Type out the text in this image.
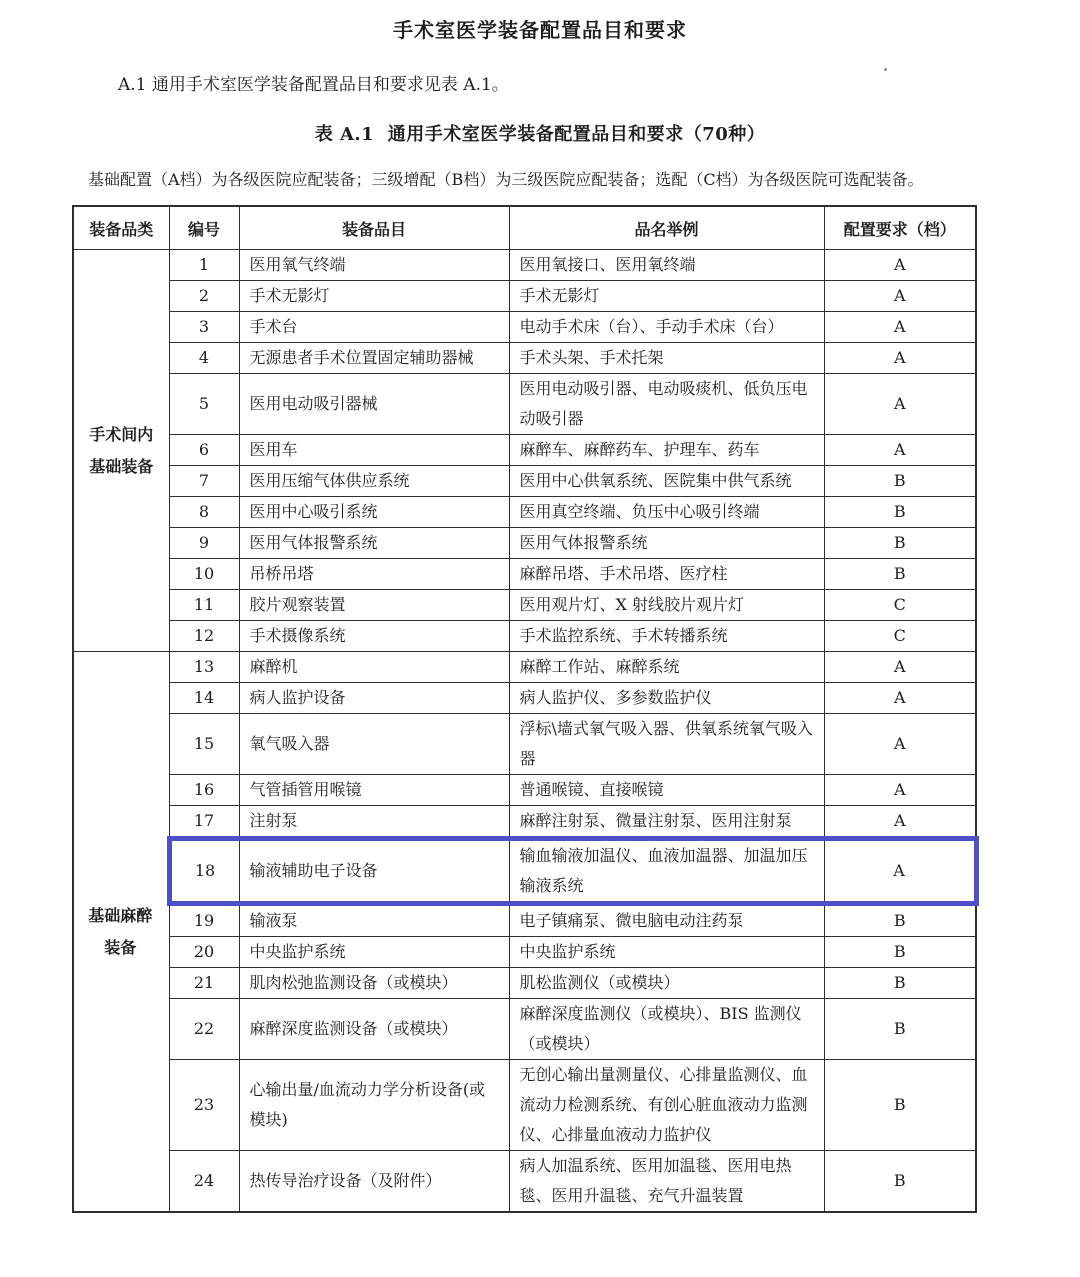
手术室医学装备配置品目和要求
A.1 通用手术室医学装备配置品目和要求见表 A.1。
表 A.1  通用手术室医学装备配置品目和要求（70种）
基础配置（A档）为各级医院应配装备；三级增配（B档）为三级医院应配装备；选配（C档）为各级医院可选配装备。
装备品类	编号	装备品目	品名举例	配置要求（档）
手术间内基础装备	1	医用氧气终端	医用氧接口、医用氧终端	A
	2	手术无影灯	手术无影灯	A
	3	手术台	电动手术床（台）、手动手术床（台）	A
	4	无源患者手术位置固定辅助器械	手术头架、手术托架	A
	5	医用电动吸引器械	医用电动吸引器、电动吸痰机、低负压电动吸引器	A
	6	医用车	麻醉车、麻醉药车、护理车、药车	A
	7	医用压缩气体供应系统	医用中心供氧系统、医院集中供气系统	B
	8	医用中心吸引系统	医用真空终端、负压中心吸引终端	B
	9	医用气体报警系统	医用气体报警系统	B
	10	吊桥吊塔	麻醉吊塔、手术吊塔、医疗柱	B
	11	胶片观察装置	医用观片灯、X 射线胶片观片灯	C
	12	手术摄像系统	手术监控系统、手术转播系统	C
基础麻醉装备	13	麻醉机	麻醉工作站、麻醉系统	A
	14	病人监护设备	病人监护仪、多参数监护仪	A
	15	氧气吸入器	浮标\墙式氧气吸入器、供氧系统氧气吸入器	A
	16	气管插管用喉镜	普通喉镜、直接喉镜	A
	17	注射泵	麻醉注射泵、微量注射泵、医用注射泵	A
	18	输液辅助电子设备	输血输液加温仪、血液加温器、加温加压输液系统	A
	19	输液泵	电子镇痛泵、微电脑电动注药泵	B
	20	中央监护系统	中央监护系统	B
	21	肌肉松弛监测设备（或模块）	肌松监测仪（或模块）	B
	22	麻醉深度监测设备（或模块）	麻醉深度监测仪（或模块）、BIS 监测仪（或模块）	B
	23	心输出量/血流动力学分析设备(或模块)	无创心输出量测量仪、心排量监测仪、血流动力检测系统、有创心脏血液动力监测仪、心排量血液动力监护仪	B
	24	热传导治疗设备（及附件）	病人加温系统、医用加温毯、医用电热毯、医用升温毯、充气升温装置	B
